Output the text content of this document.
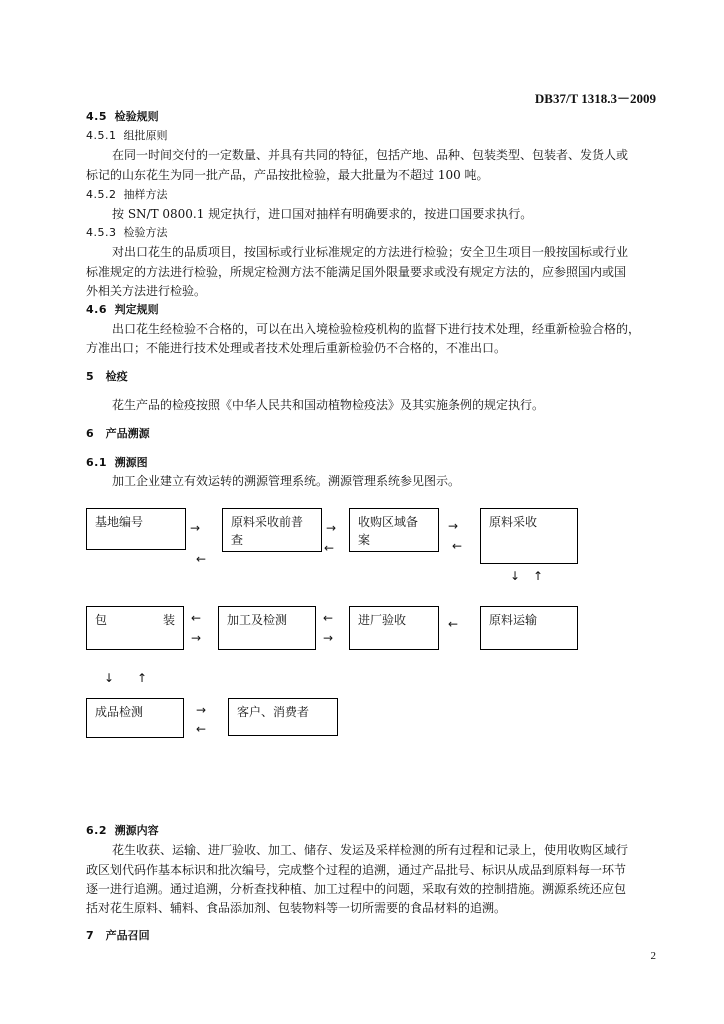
DB37/T 1318.3－2009
4.5 检验规则
4.5.1 组批原则
在同一时间交付的一定数量、并具有共同的特征，包括产地、品种、包装类型、包装者、发货人或
标记的山东花生为同一批产品，产品按批检验，最大批量为不超过 100 吨。
4.5.2 抽样方法
按 SN/T 0800.1 规定执行，进口国对抽样有明确要求的，按进口国要求执行。
4.5.3 检验方法
对出口花生的品质项目，按国标或行业标准规定的方法进行检验；安全卫生项目一般按国标或行业
标准规定的方法进行检验，所规定检测方法不能满足国外限量要求或没有规定方法的，应参照国内或国
外相关方法进行检验。
4.6 判定规则
出口花生经检验不合格的，可以在出入境检验检疫机构的监督下进行技术处理，经重新检验合格的，
方准出口；不能进行技术处理或者技术处理后重新检验仍不合格的，不准出口。
5 检疫
花生产品的检疫按照《中华人民共和国动植物检疫法》及其实施条例的规定执行。
6 产品溯源
6.1 溯源图
加工企业建立有效运转的溯源管理系统。溯源管理系统参见图示。
基地编号	原料采收前普
查
收购区域备
案
原料采收
→
←
→
←
→
←
↓ ↑
包	装	加工及检测	进厂验收	原料运输
←
→
←
→
←
↓ ↑
成品检测	客户、消费者
→
←
6.2 溯源内容
花生收获、运输、进厂验收、加工、储存、发运及采样检测的所有过程和记录上，使用收购区域行
政区划代码作基本标识和批次编号，完成整个过程的追溯，通过产品批号、标识从成品到原料每一环节
逐一进行追溯。通过追溯，分析查找种植、加工过程中的问题，采取有效的控制措施。溯源系统还应包
括对花生原料、辅料、食品添加剂、包装物料等一切所需要的食品材料的追溯。
7 产品召回
2
